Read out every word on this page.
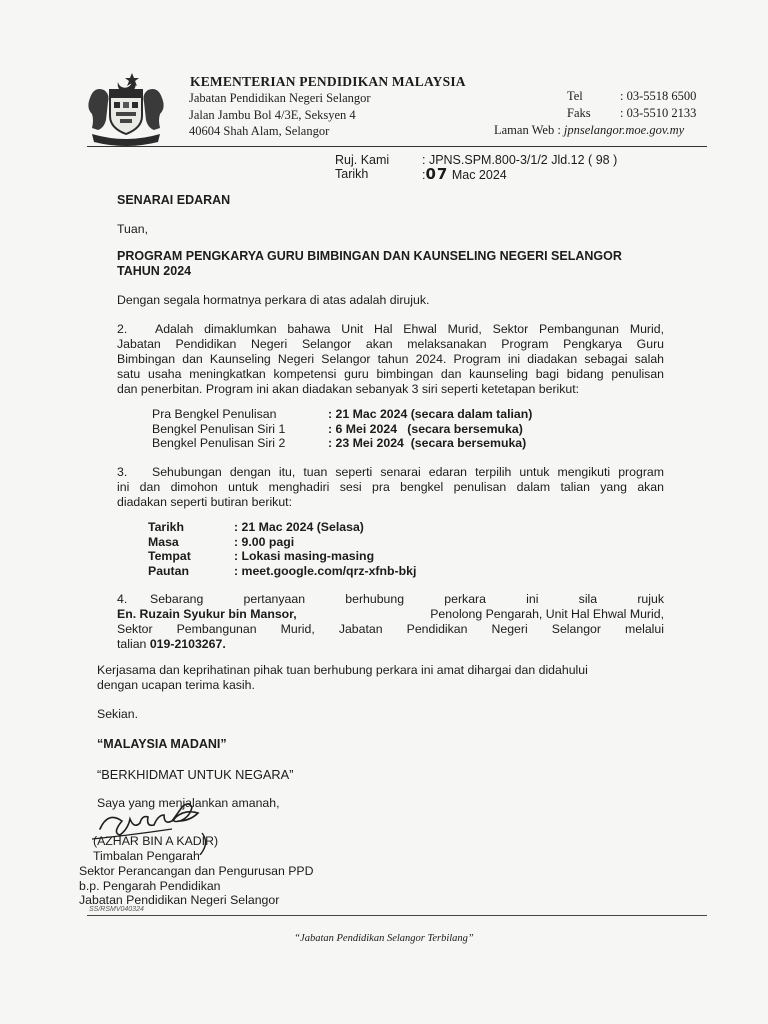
KEMENTERIAN PENDIDIKAN MALAYSIA
Jabatan Pendidikan Negeri Selangor
Jalan Jambu Bol 4/3E, Seksyen 4
40604 Shah Alam, Selangor
Tel	: 03-5518 6500
Faks : 03-5510 2133
Laman Web : jpnselangor.moe.gov.my
Ruj. Kami	: JPNS.SPM.800-3/1/2 Jld.12 ( 98 )
Tarikh	:07 Mac 2024
SENARAI EDARAN
Tuan,
PROGRAM PENGKARYA GURU BIMBINGAN DAN KAUNSELING NEGERI SELANGOR
TAHUN 2024
Dengan segala hormatnya perkara di atas adalah dirujuk.
2. Adalah dimaklumkan bahawa Unit Hal Ehwal Murid, Sektor Pembangunan Murid,
Jabatan Pendidikan Negeri Selangor akan melaksanakan Program Pengkarya Guru
Bimbingan dan Kaunseling Negeri Selangor tahun 2024. Program ini diadakan sebagai salah
satu usaha meningkatkan kompetensi guru bimbingan dan kaunseling bagi bidang penulisan
dan penerbitan. Program ini akan diadakan sebanyak 3 siri seperti ketetapan berikut:
Pra Bengkel Penulisan	: 21 Mac 2024 (secara dalam talian)
Bengkel Penulisan Siri 1	: 6 Mei 2024   (secara bersemuka)
Bengkel Penulisan Siri 2	: 23 Mei 2024  (secara bersemuka)
3. Sehubungan dengan itu, tuan seperti senarai edaran terpilih untuk mengikuti program
ini dan dimohon untuk menghadiri sesi pra bengkel penulisan dalam talian yang akan
diadakan seperti butiran berikut:
Tarikh	: 21 Mac 2024 (Selasa)
Masa	: 9.00 pagi
Tempat	: Lokasi masing-masing
Pautan	: meet.google.com/qrz-xfnb-bkj
4. Sebarang pertanyaan berhubung perkara ini sila rujuk
En. Ruzain Syukur bin Mansor,	Penolong Pengarah, Unit Hal Ehwal Murid,
Sektor Pembangunan Murid, Jabatan Pendidikan Negeri Selangor melalui
talian 019-2103267.
Kerjasama dan keprihatinan pihak tuan berhubung perkara ini amat dihargai dan didahului
dengan ucapan terima kasih.
Sekian.
“MALAYSIA MADANI”
“BERKHIDMAT UNTUK NEGARA”
Saya yang menjalankan amanah,
(AZHAR BIN A KADIR)
Timbalan Pengarah
Sektor Perancangan dan Pengurusan PPD
b.p. Pengarah Pendidikan
Jabatan Pendidikan Negeri Selangor
SS/RSMV040324
“Jabatan Pendidikan Selangor Terbilang”
